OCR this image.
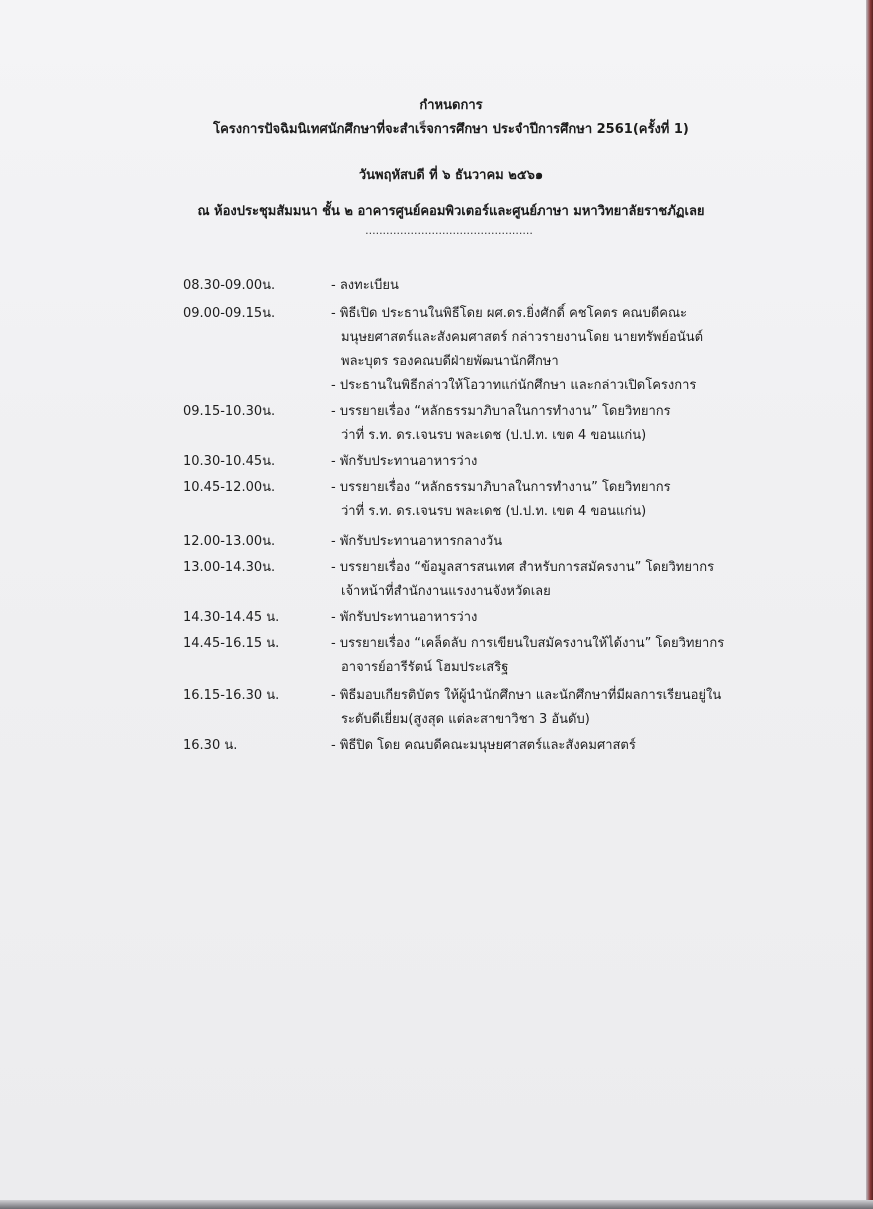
กำหนดการ
โครงการปัจฉิมนิเทศนักศึกษาที่จะสำเร็จการศึกษา ประจำปีการศึกษา 2561(ครั้งที่ 1)
วันพฤหัสบดี ที่ ๖ ธันวาคม ๒๕๖๑
ณ ห้องประชุมสัมมนา ชั้น ๒ อาคารศูนย์คอมพิวเตอร์และศูนย์ภาษา มหาวิทยาลัยราชภัฏเลย
................................................
08.30-09.00น.	- ลงทะเบียน
09.00-09.15น.	- พิธีเปิด ประธานในพิธีโดย ผศ.ดร.ยิ่งศักดิ์ คชโคตร คณบดีคณะ
มนุษยศาสตร์และสังคมศาสตร์ กล่าวรายงานโดย นายทรัพย์อนันต์
พละบุตร รองคณบดีฝ่ายพัฒนานักศึกษา
- ประธานในพิธีกล่าวให้โอวาทแก่นักศึกษา และกล่าวเปิดโครงการ
09.15-10.30น.	- บรรยายเรื่อง “หลักธรรมาภิบาลในการทำงาน” โดยวิทยากร
ว่าที่ ร.ท. ดร.เจนรบ พละเดช (ป.ป.ท. เขต 4 ขอนแก่น)
10.30-10.45น.	- พักรับประทานอาหารว่าง
10.45-12.00น.	- บรรยายเรื่อง “หลักธรรมาภิบาลในการทำงาน” โดยวิทยากร
ว่าที่ ร.ท. ดร.เจนรบ พละเดช (ป.ป.ท. เขต 4 ขอนแก่น)
12.00-13.00น.	- พักรับประทานอาหารกลางวัน
13.00-14.30น.	- บรรยายเรื่อง “ข้อมูลสารสนเทศ สำหรับการสมัครงาน” โดยวิทยากร
เจ้าหน้าที่สำนักงานแรงงานจังหวัดเลย
14.30-14.45 น.	- พักรับประทานอาหารว่าง
14.45-16.15 น.	- บรรยายเรื่อง “เคล็ดลับ การเขียนใบสมัครงานให้ได้งาน” โดยวิทยากร
อาจารย์อารีรัตน์ โฮมประเสริฐ
16.15-16.30 น.	- พิธีมอบเกียรติบัตร ให้ผู้นำนักศึกษา และนักศึกษาที่มีผลการเรียนอยู่ใน
ระดับดีเยี่ยม(สูงสุด แต่ละสาขาวิชา 3 อันดับ)
16.30 น.	- พิธีปิด โดย คณบดีคณะมนุษยศาสตร์และสังคมศาสตร์
